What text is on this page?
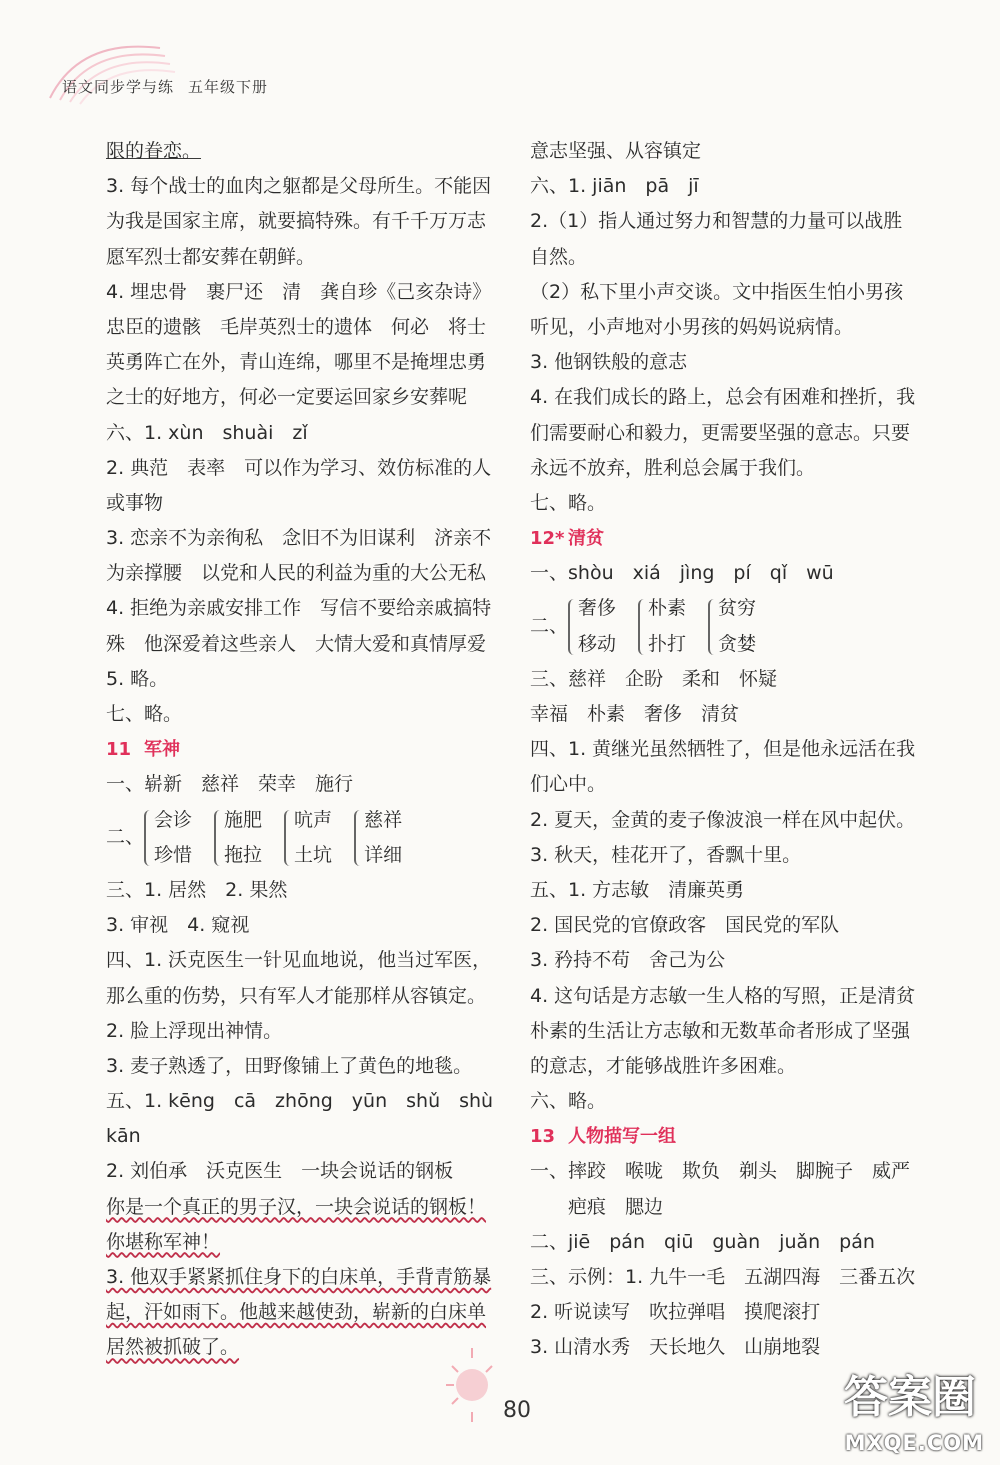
语文同步学与练 五年级下册
限的眷恋。
3. 每个战士的血肉之躯都是父母所生。不能因
为我是国家主席，就要搞特殊。有千千万万志
愿军烈士都安葬在朝鲜。
4. 埋忠骨　裹尸还　清　龚自珍《己亥杂诗》
忠臣的遗骸　毛岸英烈士的遗体　何必　将士
英勇阵亡在外，青山连绵，哪里不是掩埋忠勇
之士的好地方，何必一定要运回家乡安葬呢
六、1. xùn　shuài　zǐ
2. 典范　表率　可以作为学习、效仿标准的人
或事物
3. 恋亲不为亲徇私　念旧不为旧谋利　济亲不
为亲撑腰　以党和人民的利益为重的大公无私
4. 拒绝为亲戚安排工作　写信不要给亲戚搞特
殊　他深爱着这些亲人　大情大爱和真情厚爱
5. 略。
七、略。
11 军神
一、崭新　慈祥　荣幸　施行
二、
会诊
珍惜
施肥
拖拉
吭声
土坑
慈祥
详细
三、1. 居然　2. 果然
3. 审视　4. 窥视
四、1. 沃克医生一针见血地说，他当过军医，
那么重的伤势，只有军人才能那样从容镇定。
2. 脸上浮现出神情。
3. 麦子熟透了，田野像铺上了黄色的地毯。
五、1. kēng　cā　zhōng　yūn　shǔ　shù
kān
2. 刘伯承　沃克医生　一块会说话的钢板
你是一个真正的男子汉，一块会说话的钢板！
你堪称军神！
3. 他双手紧紧抓住身下的白床单，手背青筋暴
起，汗如雨下。他越来越使劲，崭新的白床单
居然被抓破了。
意志坚强、从容镇定
六、1. jiān　pā　jī
2.（1）指人通过努力和智慧的力量可以战胜
自然。
（2）私下里小声交谈。文中指医生怕小男孩
听见，小声地对小男孩的妈妈说病情。
3. 他钢铁般的意志
4. 在我们成长的路上，总会有困难和挫折，我
们需要耐心和毅力，更需要坚强的意志。只要
永远不放弃，胜利总会属于我们。
七、略。
12* 清贫
一、shòu　xiá　jìng　pí　qǐ　wū
二、
奢侈
移动
朴素
扑打
贫穷
贪婪
三、慈祥　企盼　柔和　怀疑
幸福　朴素　奢侈　清贫
四、1. 黄继光虽然牺牲了，但是他永远活在我
们心中。
2. 夏天，金黄的麦子像波浪一样在风中起伏。
3. 秋天，桂花开了，香飘十里。
五、1. 方志敏　清廉英勇
2. 国民党的官僚政客　国民党的军队
3. 矜持不苟　舍己为公
4. 这句话是方志敏一生人格的写照，正是清贫
朴素的生活让方志敏和无数革命者形成了坚强
的意志，才能够战胜许多困难。
六、略。
13 人物描写一组
一、摔跤　喉咙　欺负　剃头　脚腕子　威严
　　疤痕　腮边
二、jiē　pán　qiū　guàn　juǎn　pán
三、示例：1. 九牛一毛　五湖四海　三番五次
2. 听说读写　吹拉弹唱　摸爬滚打
3. 山清水秀　天长地久　山崩地裂
80	答案圈
MXQE.COM
